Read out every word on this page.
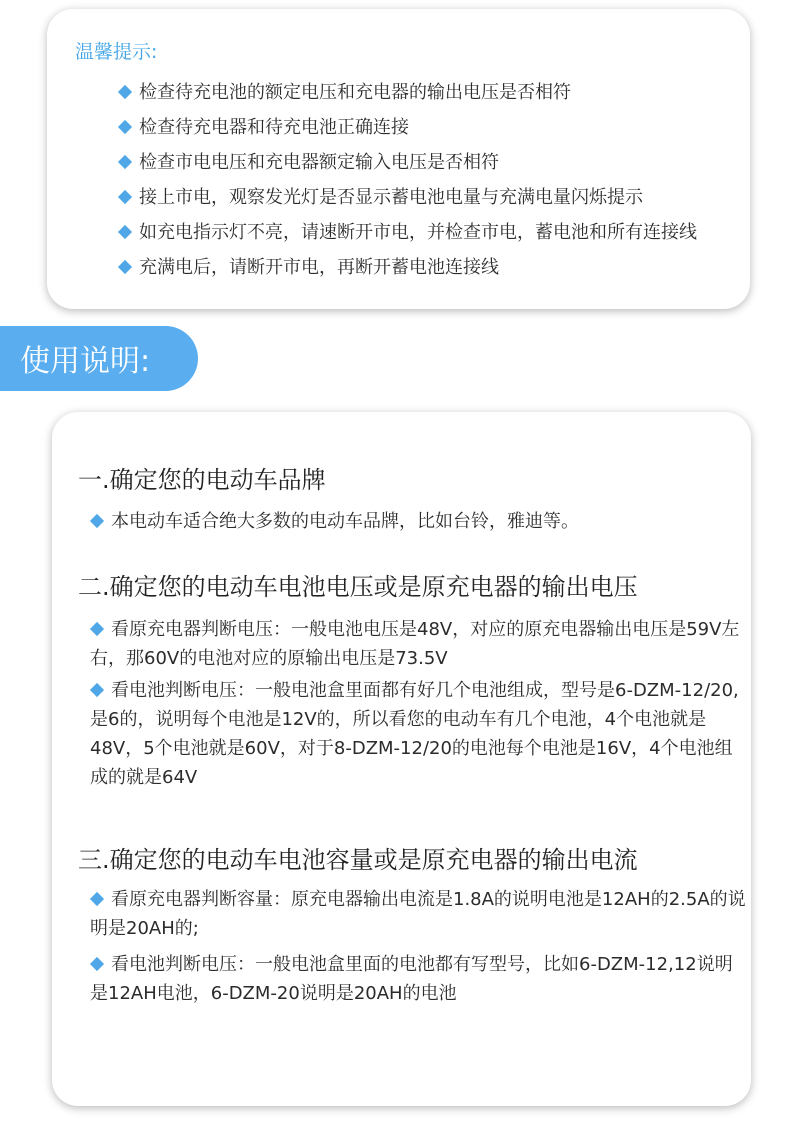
温馨提示:
检查待充电池的额定电压和充电器的输出电压是否相符
检查待充电器和待充电池正确连接
检查市电电压和充电器额定输入电压是否相符
接上市电，观察发光灯是否显示蓄电池电量与充满电量闪烁提示
如充电指示灯不亮，请速断开市电，并检查市电，蓄电池和所有连接线
充满电后，请断开市电，再断开蓄电池连接线
使用说明:
一.确定您的电动车品牌

本电动车适合绝大多数的电动车品牌，比如台铃，雅迪等。

二.确定您的电动车电池电压或是原充电器的输出电压

看原充电器判断电压：一般电池电压是48V，对应的原充电器输出电压是59V左右，那60V的电池对应的原输出电压是73.5V

看电池判断电压：一般电池盒里面都有好几个电池组成，型号是6-DZM-12/20,是6的，说明每个电池是12V的，所以看您的电动车有几个电池，4个电池就是48V，5个电池就是60V，对于8-DZM-12/20的电池每个电池是16V，4个电池组成的就是64V

三.确定您的电动车电池容量或是原充电器的输出电流

看原充电器判断容量：原充电器输出电流是1.8A的说明电池是12AH的2.5A的说明是20AH的;

看电池判断电压：一般电池盒里面的电池都有写型号，比如6-DZM-12,12说明是12AH电池，6-DZM-20说明是20AH的电池
